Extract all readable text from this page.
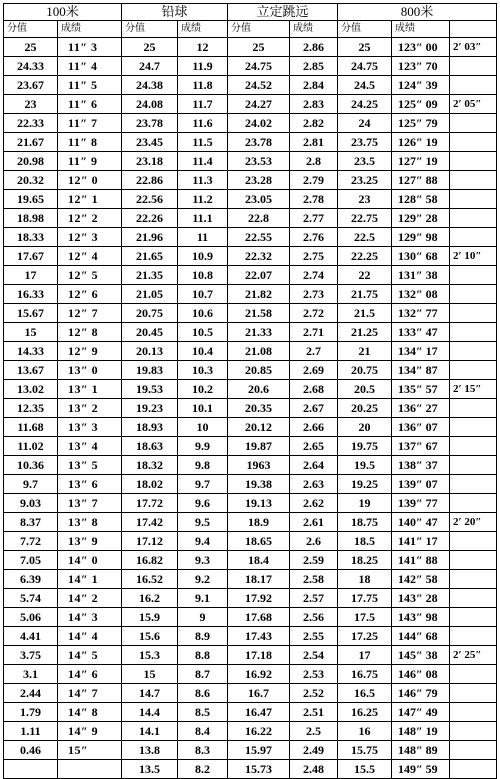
100米		铅球		立定跳远		800米		
分值	成绩	分值	成绩	分值	成绩	分值	成绩	
25	11″ 3	25	12	25	2.86	25	123″ 00	2′ 03″
24.33	11″ 4	24.7	11.9	24.75	2.85	24.75	123″ 70	
23.67	11″ 5	24.38	11.8	24.52	2.84	24.5	124″ 39	
23	11″ 6	24.08	11.7	24.27	2.83	24.25	125″ 09	2′ 05″
22.33	11″ 7	23.78	11.6	24.02	2.82	24	125″ 79	
21.67	11″ 8	23.45	11.5	23.78	2.81	23.75	126″ 19	
20.98	11″ 9	23.18	11.4	23.53	2.8	23.5	127″ 19	
20.32	12″ 0	22.86	11.3	23.28	2.79	23.25	127″ 88	
19.65	12″ 1	22.56	11.2	23.05	2.78	23	128″ 58	
18.98	12″ 2	22.26	11.1	22.8	2.77	22.75	129″ 28	
18.33	12″ 3	21.96	11	22.55	2.76	22.5	129″ 98	
17.67	12″ 4	21.65	10.9	22.32	2.75	22.25	130″ 68	2′ 10″
17	12″ 5	21.35	10.8	22.07	2.74	22	131″ 38	
16.33	12″ 6	21.05	10.7	21.82	2.73	21.75	132″ 08	
15.67	12″ 7	20.75	10.6	21.58	2.72	21.5	132″ 77	
15	12″ 8	20.45	10.5	21.33	2.71	21.25	133″ 47	
14.33	12″ 9	20.13	10.4	21.08	2.7	21	134″ 17	
13.67	13″ 0	19.83	10.3	20.85	2.69	20.75	134″ 87	
13.02	13″ 1	19.53	10.2	20.6	2.68	20.5	135″ 57	2′ 15″
12.35	13″ 2	19.23	10.1	20.35	2.67	20.25	136″ 27	
11.68	13″ 3	18.93	10	20.12	2.66	20	136″ 07	
11.02	13″ 4	18.63	9.9	19.87	2.65	19.75	137″ 67	
10.36	13″ 5	18.32	9.8	1963	2.64	19.5	138″ 37	
9.7	13″ 6	18.02	9.7	19.38	2.63	19.25	139″ 07	
9.03	13″ 7	17.72	9.6	19.13	2.62	19	139″ 77	
8.37	13″ 8	17.42	9.5	18.9	2.61	18.75	140″ 47	2′ 20″
7.72	13″ 9	17.12	9.4	18.65	2.6	18.5	141″ 17	
7.05	14″ 0	16.82	9.3	18.4	2.59	18.25	141″ 88	
6.39	14″ 1	16.52	9.2	18.17	2.58	18	142″ 58	
5.74	14″ 2	16.2	9.1	17.92	2.57	17.75	143″ 28	
5.06	14″ 3	15.9	9	17.68	2.56	17.5	143″ 98	
4.41	14″ 4	15.6	8.9	17.43	2.55	17.25	144″ 68	
3.75	14″ 5	15.3	8.8	17.18	2.54	17	145″ 38	2′ 25″
3.1	14″ 6	15	8.7	16.92	2.53	16.75	146″ 08	
2.44	14″ 7	14.7	8.6	16.7	2.52	16.5	146″ 79	
1.79	14″ 8	14.4	8.5	16.47	2.51	16.25	147″ 49	
1.11	14″ 9	14.1	8.4	16.22	2.5	16	148″ 19	
0.46	15″	13.8	8.3	15.97	2.49	15.75	148″ 89	
		13.5	8.2	15.73	2.48	15.5	149″ 59	
